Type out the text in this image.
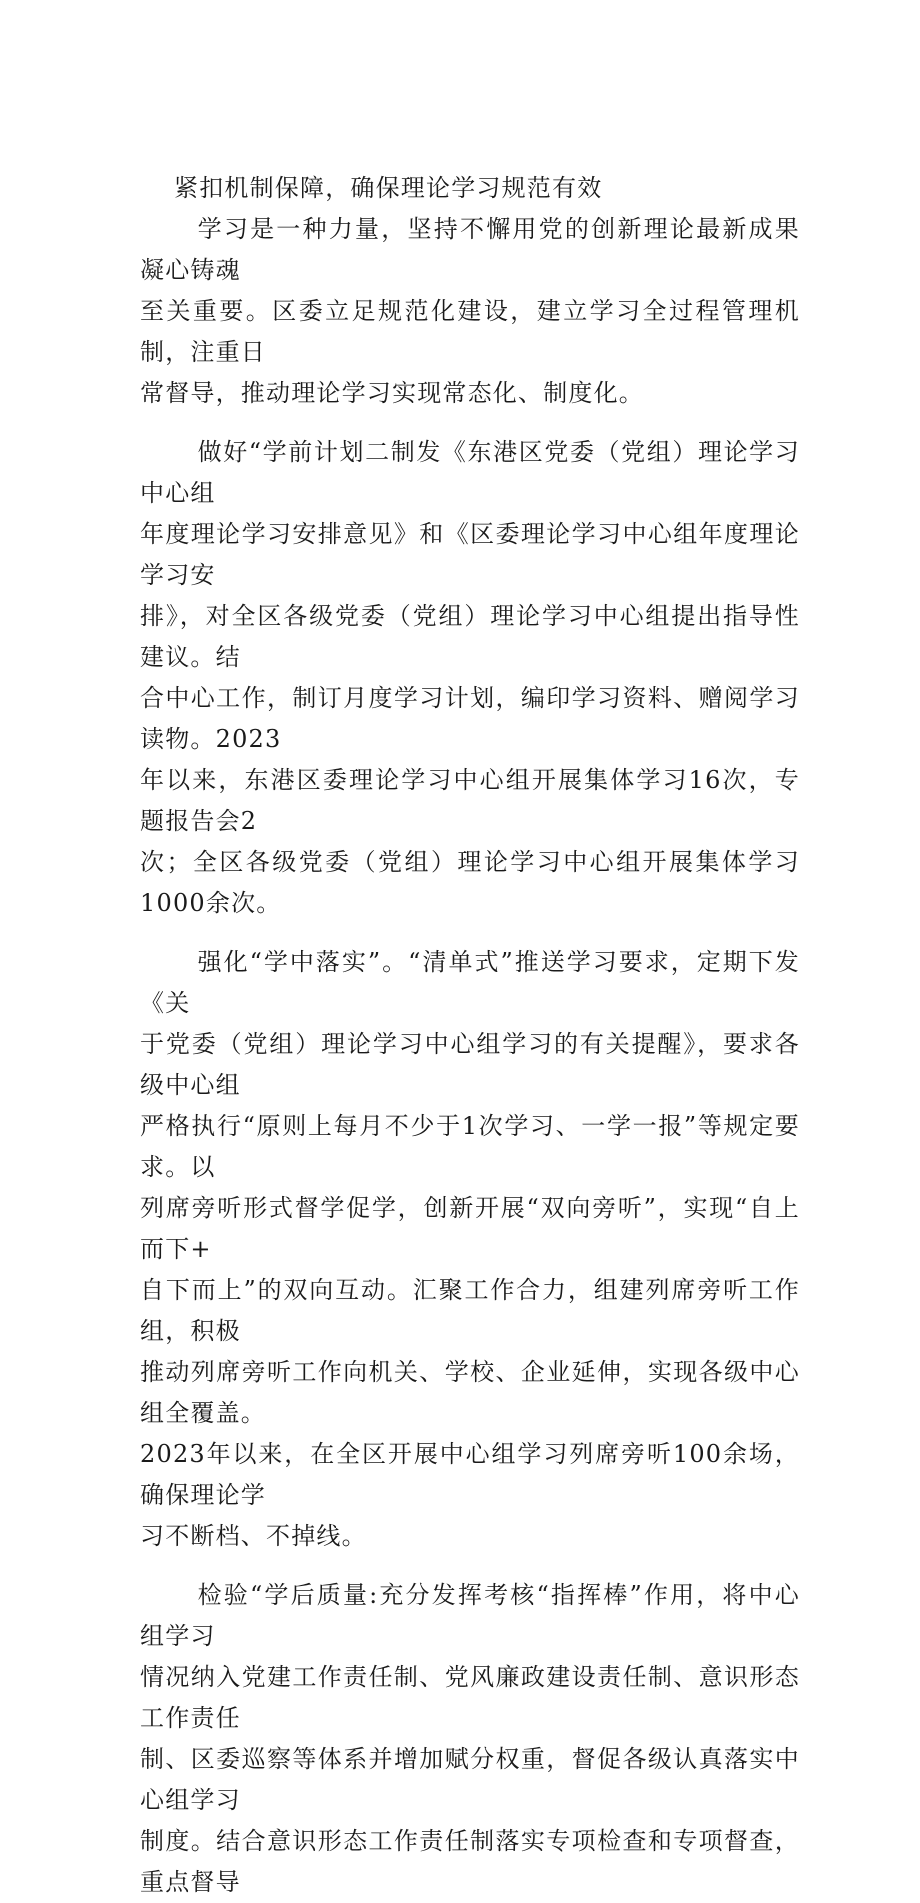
紧扣机制保障，确保理论学习规范有效

学习是一种力量，坚持不懈用党的创新理论最新成果凝心铸魂
至关重要。区委立足规范化建设，建立学习全过程管理机制，注重日
常督导，推动理论学习实现常态化、制度化。

做好“学前计划二制发《东港区党委（党组）理论学习中心组
年度理论学习安排意见》和《区委理论学习中心组年度理论学习安
排》，对全区各级党委（党组）理论学习中心组提出指导性建议。结
合中心工作，制订月度学习计划，编印学习资料、赠阅学习读物。2023
年以来，东港区委理论学习中心组开展集体学习16次，专题报告会2
次；全区各级党委（党组）理论学习中心组开展集体学习1000余次。

强化“学中落实”。“清单式”推送学习要求，定期下发《关
于党委（党组）理论学习中心组学习的有关提醒》，要求各级中心组
严格执行“原则上每月不少于1次学习、一学一报”等规定要求。以
列席旁听形式督学促学，创新开展“双向旁听”，实现“自上而下+
自下而上”的双向互动。汇聚工作合力，组建列席旁听工作组，积极
推动列席旁听工作向机关、学校、企业延伸，实现各级中心组全覆盖。
2023年以来，在全区开展中心组学习列席旁听100余场，确保理论学
习不断档、不掉线。

检验“学后质量:充分发挥考核“指挥棒”作用，将中心组学习
情况纳入党建工作责任制、党风廉政建设责任制、意识形态工作责任
制、区委巡察等体系并增加赋分权重，督促各级认真落实中心组学习
制度。结合意识形态工作责任制落实专项检查和专项督查，重点督导
